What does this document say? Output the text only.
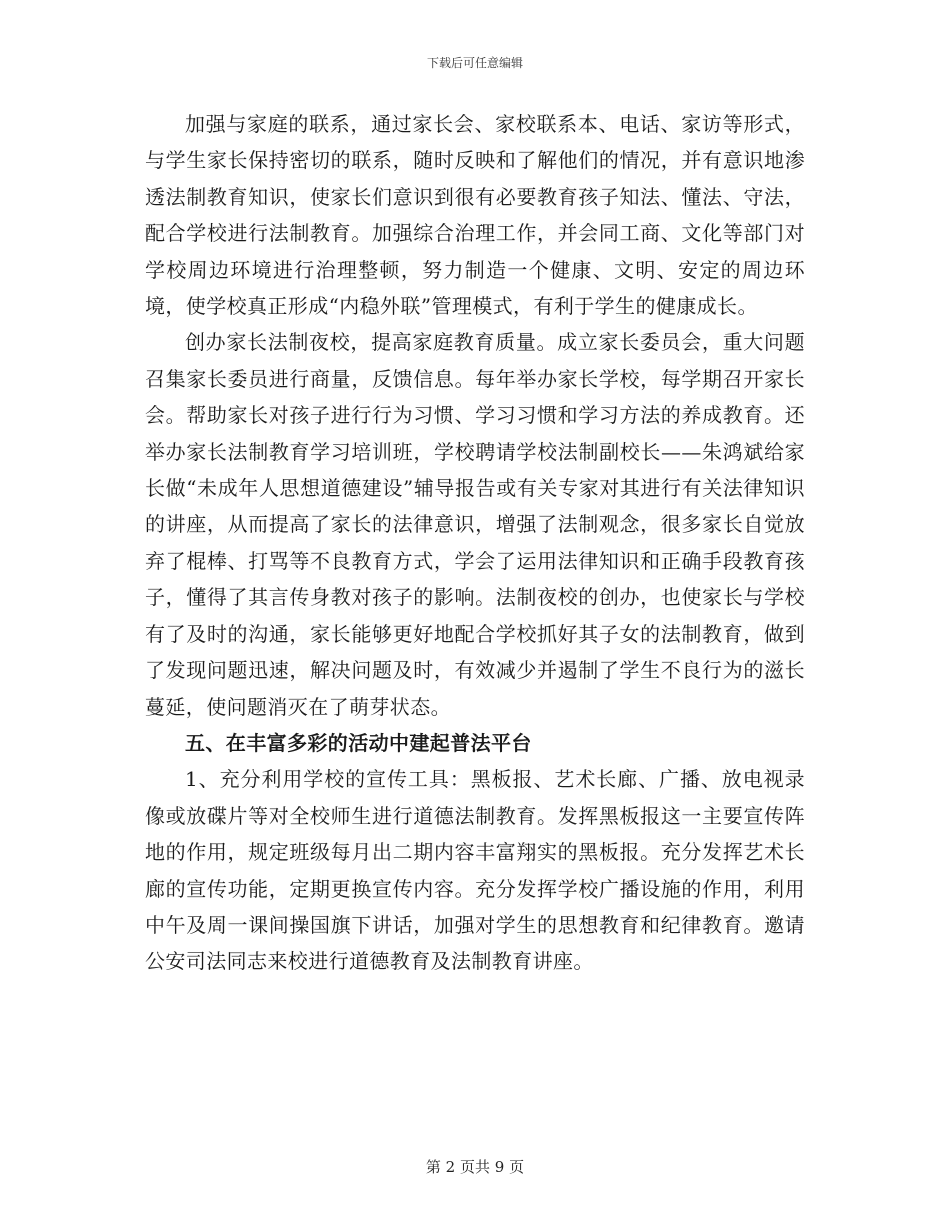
下载后可任意编辑

加强与家庭的联系，通过家长会、家校联系本、电话、家访等形式，与学生家长保持密切的联系，随时反映和了解他们的情况，并有意识地渗透法制教育知识，使家长们意识到很有必要教育孩子知法、懂法、守法，配合学校进行法制教育。加强综合治理工作，并会同工商、文化等部门对学校周边环境进行治理整顿，努力制造一个健康、文明、安定的周边环境，使学校真正形成“内稳外联”管理模式，有利于学生的健康成长。

创办家长法制夜校，提高家庭教育质量。成立家长委员会，重大问题召集家长委员进行商量，反馈信息。每年举办家长学校，每学期召开家长会。帮助家长对孩子进行行为习惯、学习习惯和学习方法的养成教育。还举办家长法制教育学习培训班，学校聘请学校法制副校长——朱鸿斌给家长做“未成年人思想道德建设”辅导报告或有关专家对其进行有关法律知识的讲座，从而提高了家长的法律意识，增强了法制观念，很多家长自觉放弃了棍棒、打骂等不良教育方式，学会了运用法律知识和正确手段教育孩子，懂得了其言传身教对孩子的影响。法制夜校的创办，也使家长与学校有了及时的沟通，家长能够更好地配合学校抓好其子女的法制教育，做到了发现问题迅速，解决问题及时，有效减少并遏制了学生不良行为的滋长蔓延，使问题消灭在了萌芽状态。

五、在丰富多彩的活动中建起普法平台

1、充分利用学校的宣传工具：黑板报、艺术长廊、广播、放电视录像或放碟片等对全校师生进行道德法制教育。发挥黑板报这一主要宣传阵地的作用，规定班级每月出二期内容丰富翔实的黑板报。充分发挥艺术长廊的宣传功能，定期更换宣传内容。充分发挥学校广播设施的作用，利用中午及周一课间操国旗下讲话，加强对学生的思想教育和纪律教育。邀请公安司法同志来校进行道德教育及法制教育讲座。

第 2 页共 9 页
